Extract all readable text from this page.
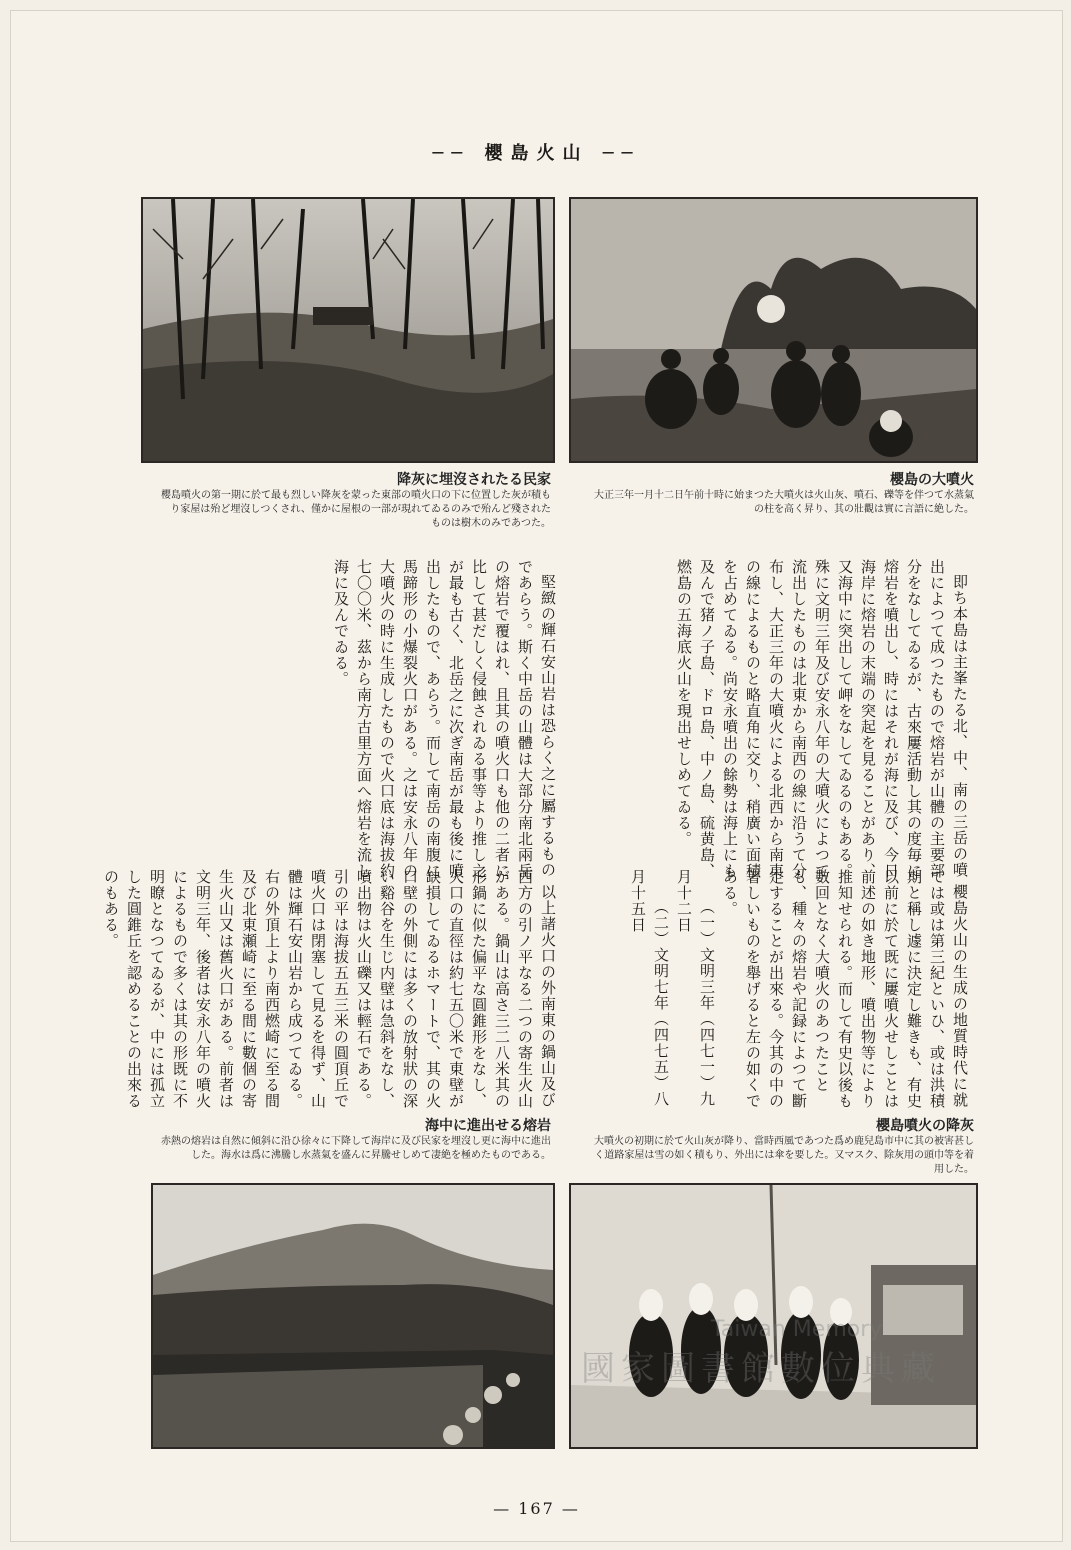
── 櫻島火山 ──
降灰に埋沒されたる民家
櫻島噴火の第一期に於て最も烈しい降灰を蒙った東部の噴火口の下に位置した灰が積もり家屋は殆ど埋沒しつくされ、僅かに屋根の一部が現れてゐるのみで殆んど殘されたものは樹木のみであつた。
櫻島の大噴火
大正三年一月十二日午前十時に始まつた大噴火は火山灰、噴石、礫等を伴つて水蒸氣の柱を高く昇り、其の壯觀は實に言語に絶した。

即ち本島は主峯たる北、中、南の三岳の噴出によつて成つたもので熔岩が山體の主要部分をなしてゐるが、古來屢活動し其の度毎に熔岩を噴出し、時にはそれが海に及び、今日海岸に熔岩の末端の突起を見ることがあり、又海中に突出して岬をなしてゐるのもある。殊に文明三年及び安永八年の大噴火によつて流出したものは北東から南西の線に沿うて分布し、大正三年の大噴火による北西から南東の線によるものと略直角に交り、稍廣い面積を占めてゐる。尚安永噴出の餘勢は海上にも及んで猪ノ子島、ドロ島、中ノ島、硫黄島、燃島の五海底火山を現出せしめてゐる。

堅緻の輝石安山岩は恐らく之に屬するものであらう。斯く中岳の山體は大部分南北兩岳の熔岩で覆はれ、且其の噴火口も他の二者に比して甚だしく侵蝕されゐる事等より推し之が最も古く、北岳之に次ぎ南岳が最も後に噴出したもので、あらう。而して南岳の南腹に馬蹄形の小爆裂火口がある。之は安永八年の大噴火の時に生成したもので火口底は海拔約七〇〇米、茲から南方古里方面へ熔岩を流し海に及んでゐる。

以上諸火口の外南東の鍋山及び西方の引ノ平なる二つの寄生火山がある。鍋山は高さ三二八米其の形鍋に似た偏平な圓錐形をなし、火口の直徑は約七五〇米で東壁が缺損してゐるホマートで、其の火口壁の外側には多くの放射狀の深い谿谷を生じ内壁は急斜をなし、噴出物は火山礫又は輕石である。引の平は海拔五五三米の圓頂丘で噴火口は閉塞して見るを得ず、山體は輝石安山岩から成つてゐる。右の外頂上より南西燃崎に至る間及び北東瀬崎に至る間に數個の寄生火山又は舊火口がある。前者は文明三年、後者は安永八年の噴火によるもので多くは其の形既に不明瞭となつてゐるが、中には孤立した圓錐丘を認めることの出來るのもある。	櫻島火山の生成の地質時代に就ては或は第三紀といひ、或は洪積期と稱し遽に決定し難きも、有史以前に於て既に屢噴火せしことは前述の如き地形、噴出物等により推知せられる。而して有史以後も數回となく大噴火のあつたことも、種々の熔岩や記録によつて斷定することが出來る。今其の中の著しいものを舉げると左の如くである。

（一）文明三年（四七一）九月十二日

（二）文明七年（四七五）八月十五日

海中に進出せる熔岩
赤熱の熔岩は自然に傾斜に沿ひ徐々に下降して海岸に及び民家を埋沒し更に海中に進出した。海水は爲に沸騰し水蒸氣を盛んに昇騰せしめて凄絶を極めたものである。
櫻島噴火の降灰
大噴火の初期に於て火山灰が降り、當時西風であつた爲め鹿兒島市中に其の被害甚しく道路家屋は雪の如く積もり、外出には傘を要した。又マスク、除灰用の頭巾等を着用した。
Taiwan Memory
國家圖書館數位典藏
— 167 —
